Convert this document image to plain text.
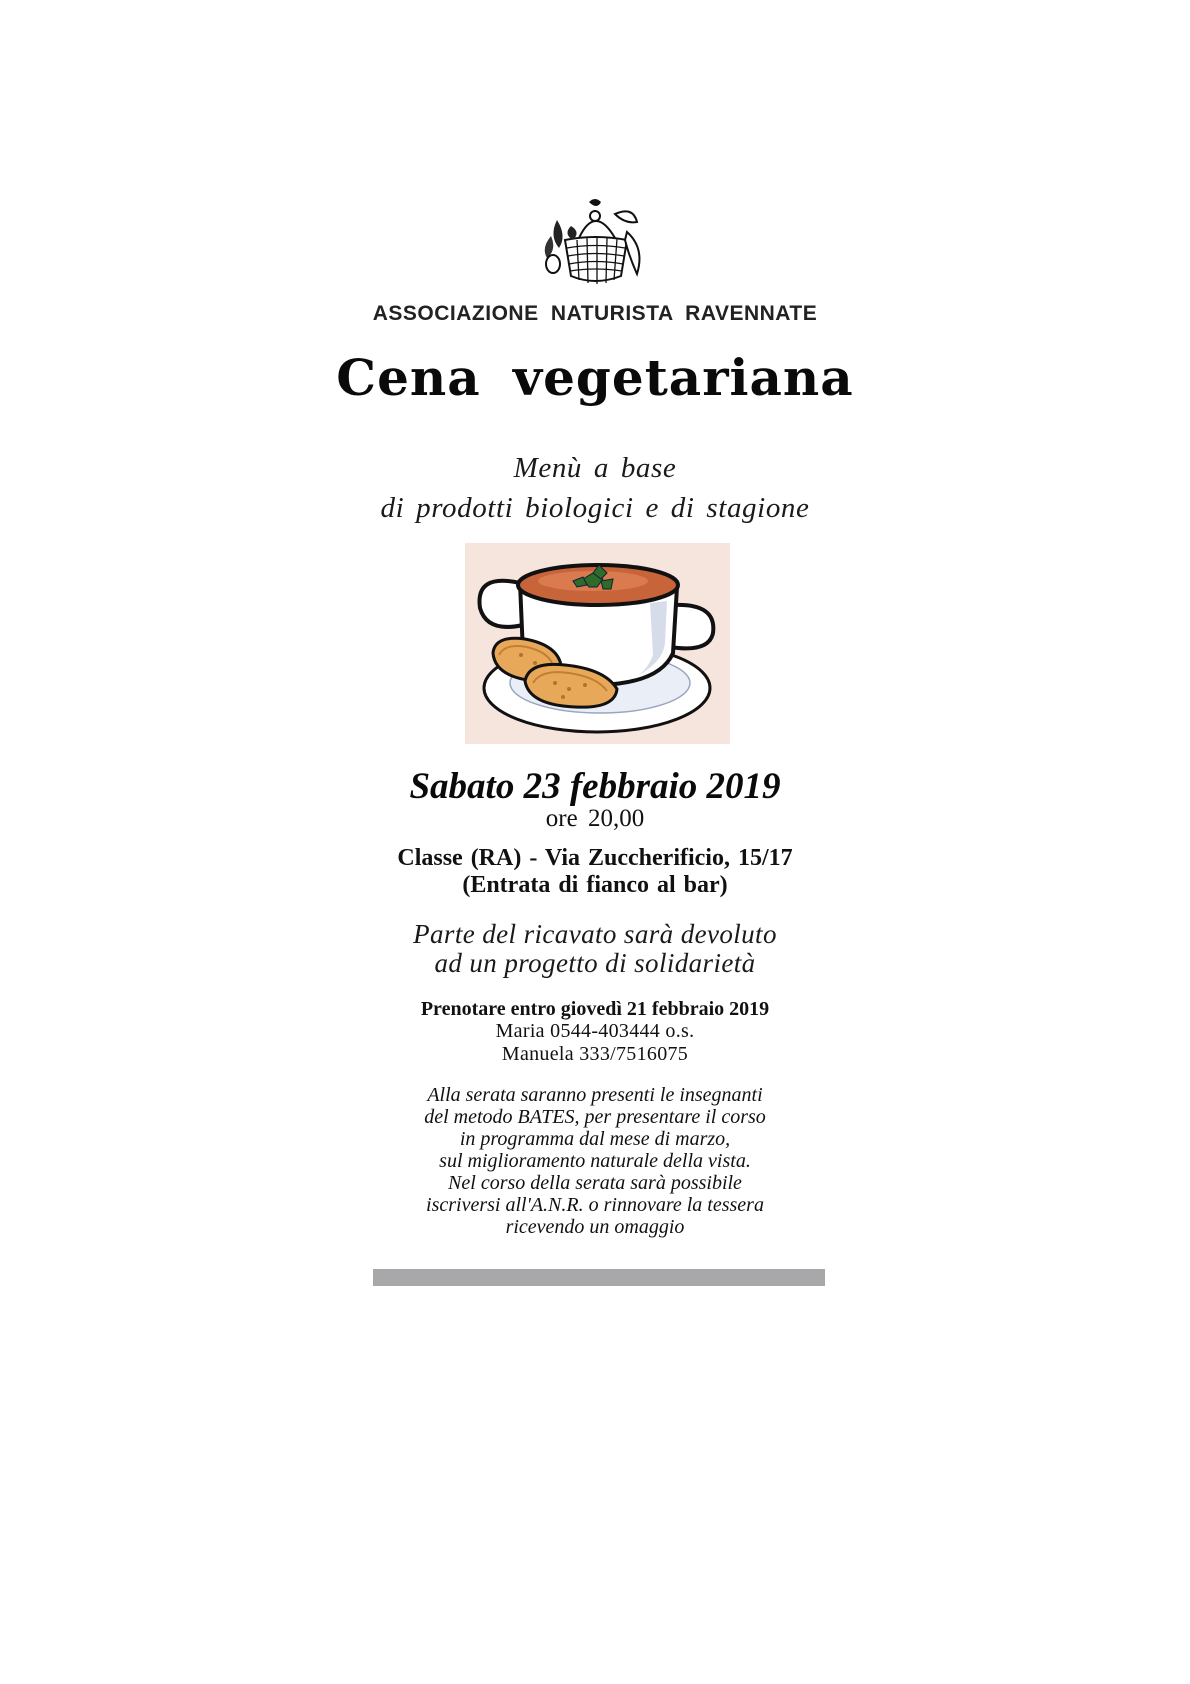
ASSOCIAZIONE NATURISTA RAVENNATE
Cena vegetariana
Menù a base
di prodotti biologici e di stagione
Sabato 23 febbraio 2019
ore 20,00
Classe (RA) - Via Zuccherificio, 15/17
(Entrata di fianco al bar)
Parte del ricavato sarà devoluto
ad un progetto di solidarietà
Prenotare entro giovedì 21 febbraio 2019
Maria 0544-403444 o.s.
Manuela 333/7516075
Alla serata saranno presenti le insegnanti
del metodo BATES, per presentare il corso
in programma dal mese di marzo,
sul miglioramento naturale della vista.
Nel corso della serata sarà possibile
iscriversi all'A.N.R. o rinnovare la tessera
ricevendo un omaggio
